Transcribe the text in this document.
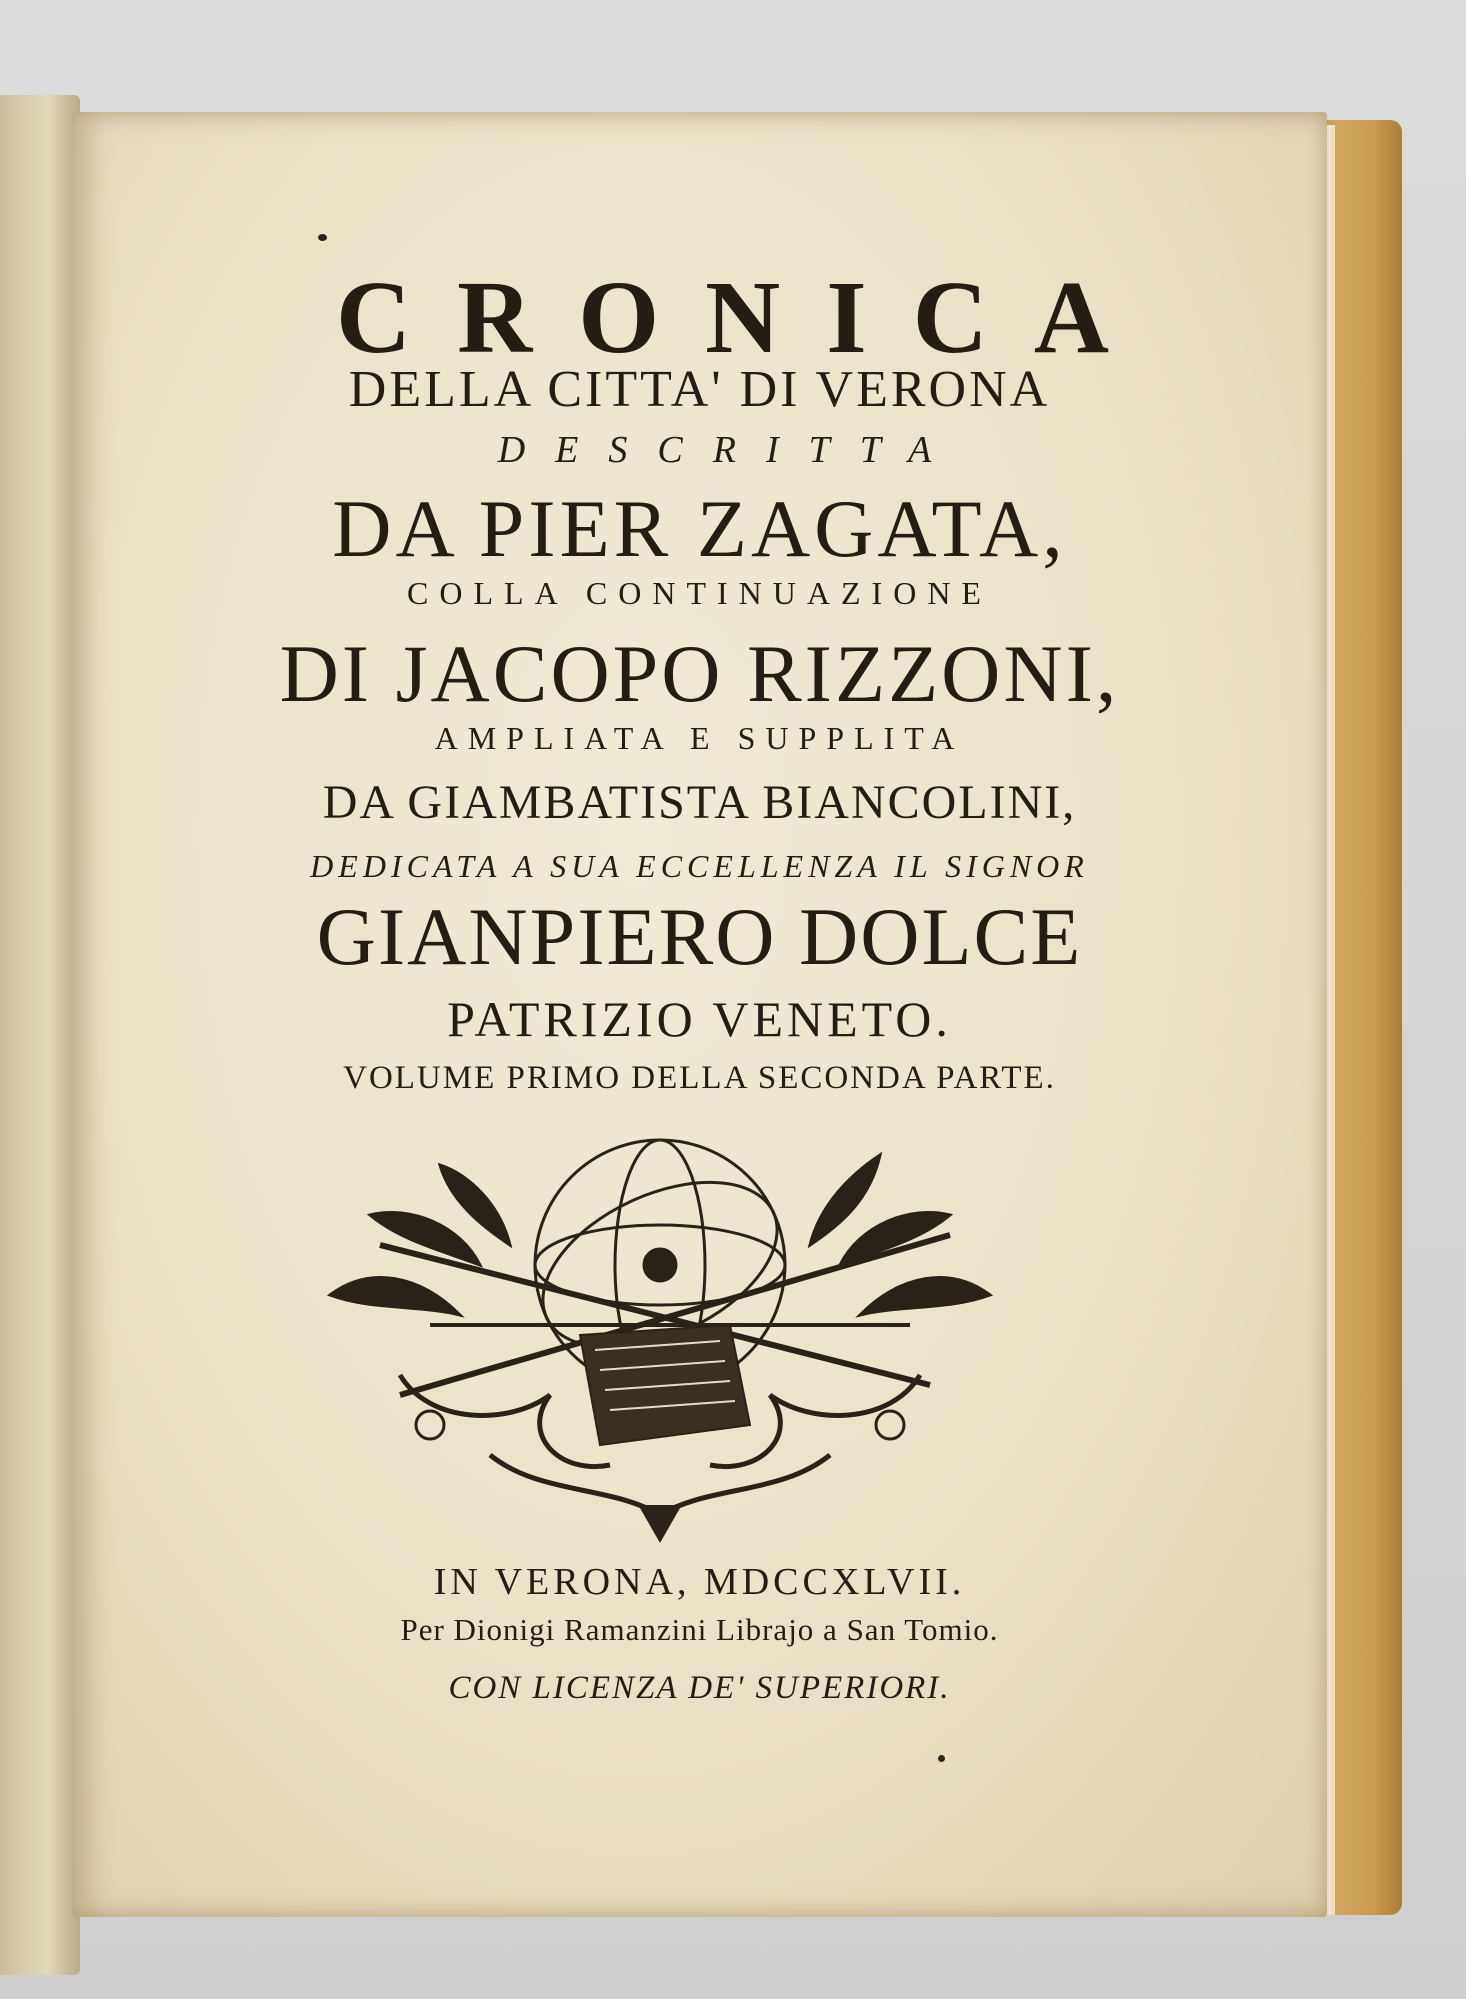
CRONICA

DELLA CITTA' DI VERONA

DESCRITTA

DA PIER ZAGATA,

COLLA CONTINUAZIONE

DI JACOPO RIZZONI,

AMPLIATA E SUPPLITA

DA GIAMBATISTA BIANCOLINI,

DEDICATA A SUA ECCELLENZA IL SIGNOR

GIANPIERO DOLCE

PATRIZIO VENETO.

VOLUME PRIMO DELLA SECONDA PARTE.

IN VERONA, MDCCXLVII.

Per Dionigi Ramanzini Librajo a San Tomio.

CON LICENZA DE' SUPERIORI.
